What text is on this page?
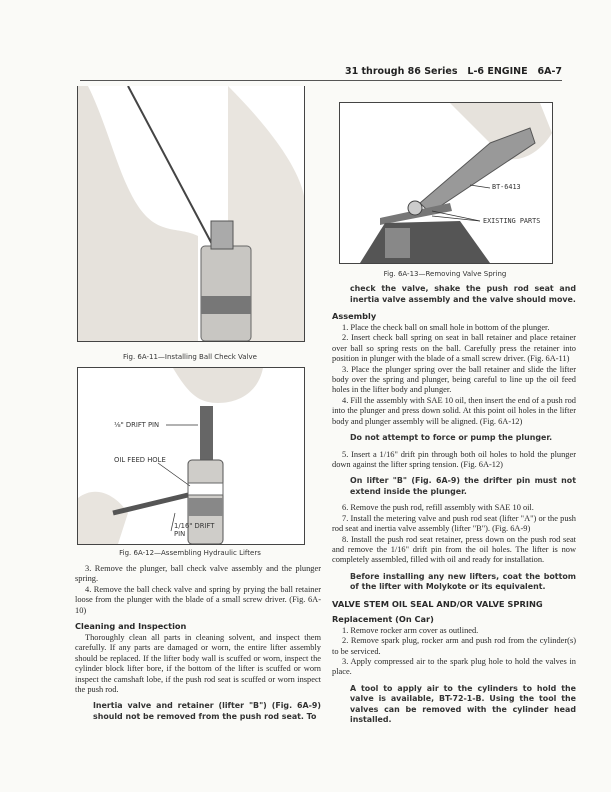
31 through 86 Series   L-6 ENGINE   6A-7
Fig. 6A-11—Installing Ball Check Valve
⅛" DRIFT PIN
OIL FEED HOLE
1/16" DRIFT
PIN
Fig. 6A-12—Assembling Hydraulic Lifters

3. Remove the plunger, ball check valve assembly and the plunger spring.

4. Remove the ball check valve and spring by prying the ball retainer loose from the plunger with the blade of a small screw driver. (Fig. 6A-10)

Cleaning and Inspection

Thoroughly clean all parts in cleaning solvent, and inspect them carefully. If any parts are damaged or worn, the entire lifter assembly should be replaced. If the lifter body wall is scuffed or worn, inspect the cylinder block lifter bore, if the bottom of the lifter is scuffed or worn inspect the camshaft lobe, if the push rod seat is scuffed or worn inspect the push rod.

Inertia valve and retainer (lifter "B") (Fig. 6A-9) should not be removed from the push rod seat. To
BT-6413
EXISTING PARTS
Fig. 6A-13—Removing Valve Spring
check the valve, shake the push rod seat and inertia valve assembly and the valve should move.
Assembly

1. Place the check ball on small hole in bottom of the plunger.

2. Insert check ball spring on seat in ball retainer and place retainer over ball so spring rests on the ball. Carefully press the retainer into position in plunger with the blade of a small screw driver. (Fig. 6A-11)

3. Place the plunger spring over the ball retainer and slide the lifter body over the spring and plunger, being careful to line up the oil feed holes in the lifter body and plunger.

4. Fill the assembly with SAE 10 oil, then insert the end of a push rod into the plunger and press down solid. At this point oil holes in the lifter body and plunger assembly will be aligned. (Fig. 6A-12)

Do not attempt to force or pump the plunger.

5. Insert a 1/16" drift pin through both oil holes to hold the plunger down against the lifter spring tension. (Fig. 6A-12)

On lifter "B" (Fig. 6A-9) the drifter pin must not extend inside the plunger.

6. Remove the push rod, refill assembly with SAE 10 oil.

7. Install the metering valve and push rod seat (lifter "A") or the push rod seat and inertia valve assembly (lifter "B"). (Fig. 6A-9)

8. Install the push rod seat retainer, press down on the push rod seat and remove the 1/16" drift pin from the oil holes. The lifter is now completely assembled, filled with oil and ready for installation.

Before installing any new lifters, coat the bottom of the lifter with Molykote or its equivalent.
VALVE STEM OIL SEAL AND/OR VALVE SPRING
Replacement (On Car)

1. Remove rocker arm cover as outlined.

2. Remove spark plug, rocker arm and push rod from the cylinder(s) to be serviced.

3. Apply compressed air to the spark plug hole to hold the valves in place.

A tool to apply air to the cylinders to hold the valve is available, BT-72-1-B. Using the tool the valves can be removed with the cylinder head installed.
